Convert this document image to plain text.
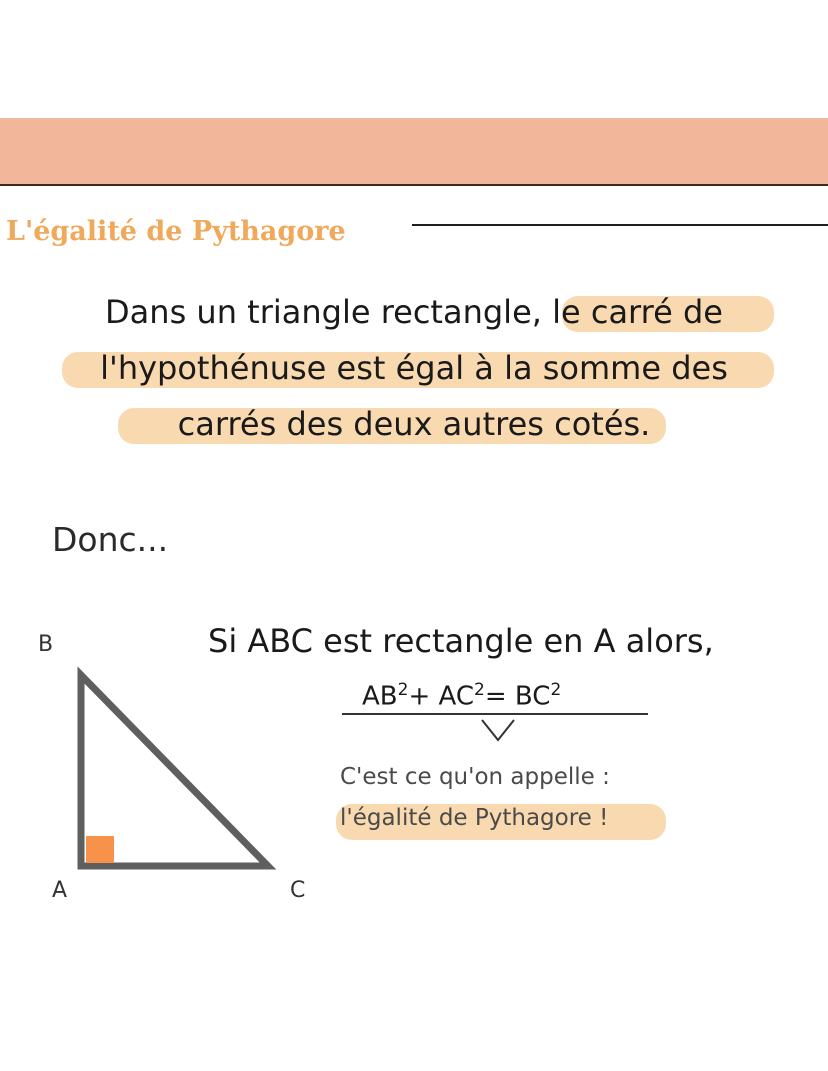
L'égalité de Pythagore
Dans un triangle rectangle, le carré de
l'hypothénuse est égal à la somme des
carrés des deux autres cotés.
Donc...
B
A	C
Si ABC est rectangle en A alors,
$AB^2+ AC^2= BC^2$
C'est ce qu'on appelle :
l'égalité de Pythagore !
